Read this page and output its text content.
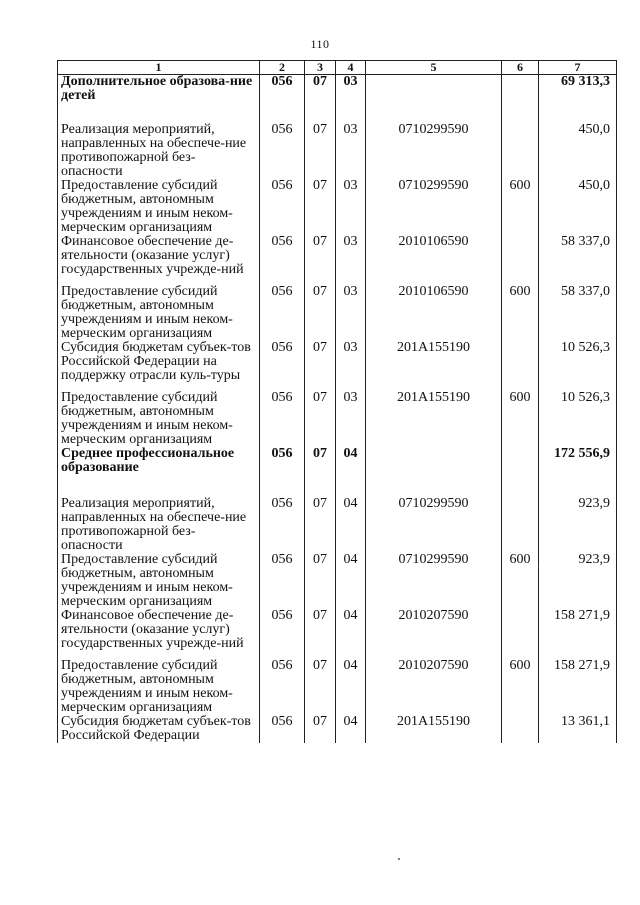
110
1	2	3	4	5	6	7
Дополнительное образова-ние детей	056	07	03			69 313,3
Реализация мероприятий, направленных на обеспече-ние противопожарной без-опасности	056	07	03	0710299590		450,0
Предоставление субсидий бюджетным, автономным учреждениям и иным неком-мерческим организациям	056	07	03	0710299590	600	450,0
Финансовое обеспечение де-ятельности (оказание услуг) государственных учрежде-ний	056	07	03	2010106590		58 337,0
Предоставление субсидий бюджетным, автономным учреждениям и иным неком-мерческим организациям	056	07	03	2010106590	600	58 337,0
Субсидия бюджетам субъек-тов Российской Федерации на поддержку отрасли куль-туры	056	07	03	201A155190		10 526,3
Предоставление субсидий бюджетным, автономным учреждениям и иным неком-мерческим организациям	056	07	03	201A155190	600	10 526,3
Среднее профессиональное образование	056	07	04			172 556,9
Реализация мероприятий, направленных на обеспече-ние противопожарной без-опасности	056	07	04	0710299590		923,9
Предоставление субсидий бюджетным, автономным учреждениям и иным неком-мерческим организациям	056	07	04	0710299590	600	923,9
Финансовое обеспечение де-ятельности (оказание услуг) государственных учрежде-ний	056	07	04	2010207590		158 271,9
Предоставление субсидий бюджетным, автономным учреждениям и иным неком-мерческим организациям	056	07	04	2010207590	600	158 271,9
Субсидия бюджетам субъек-тов Российской Федерации	056	07	04	201A155190		13 361,1
